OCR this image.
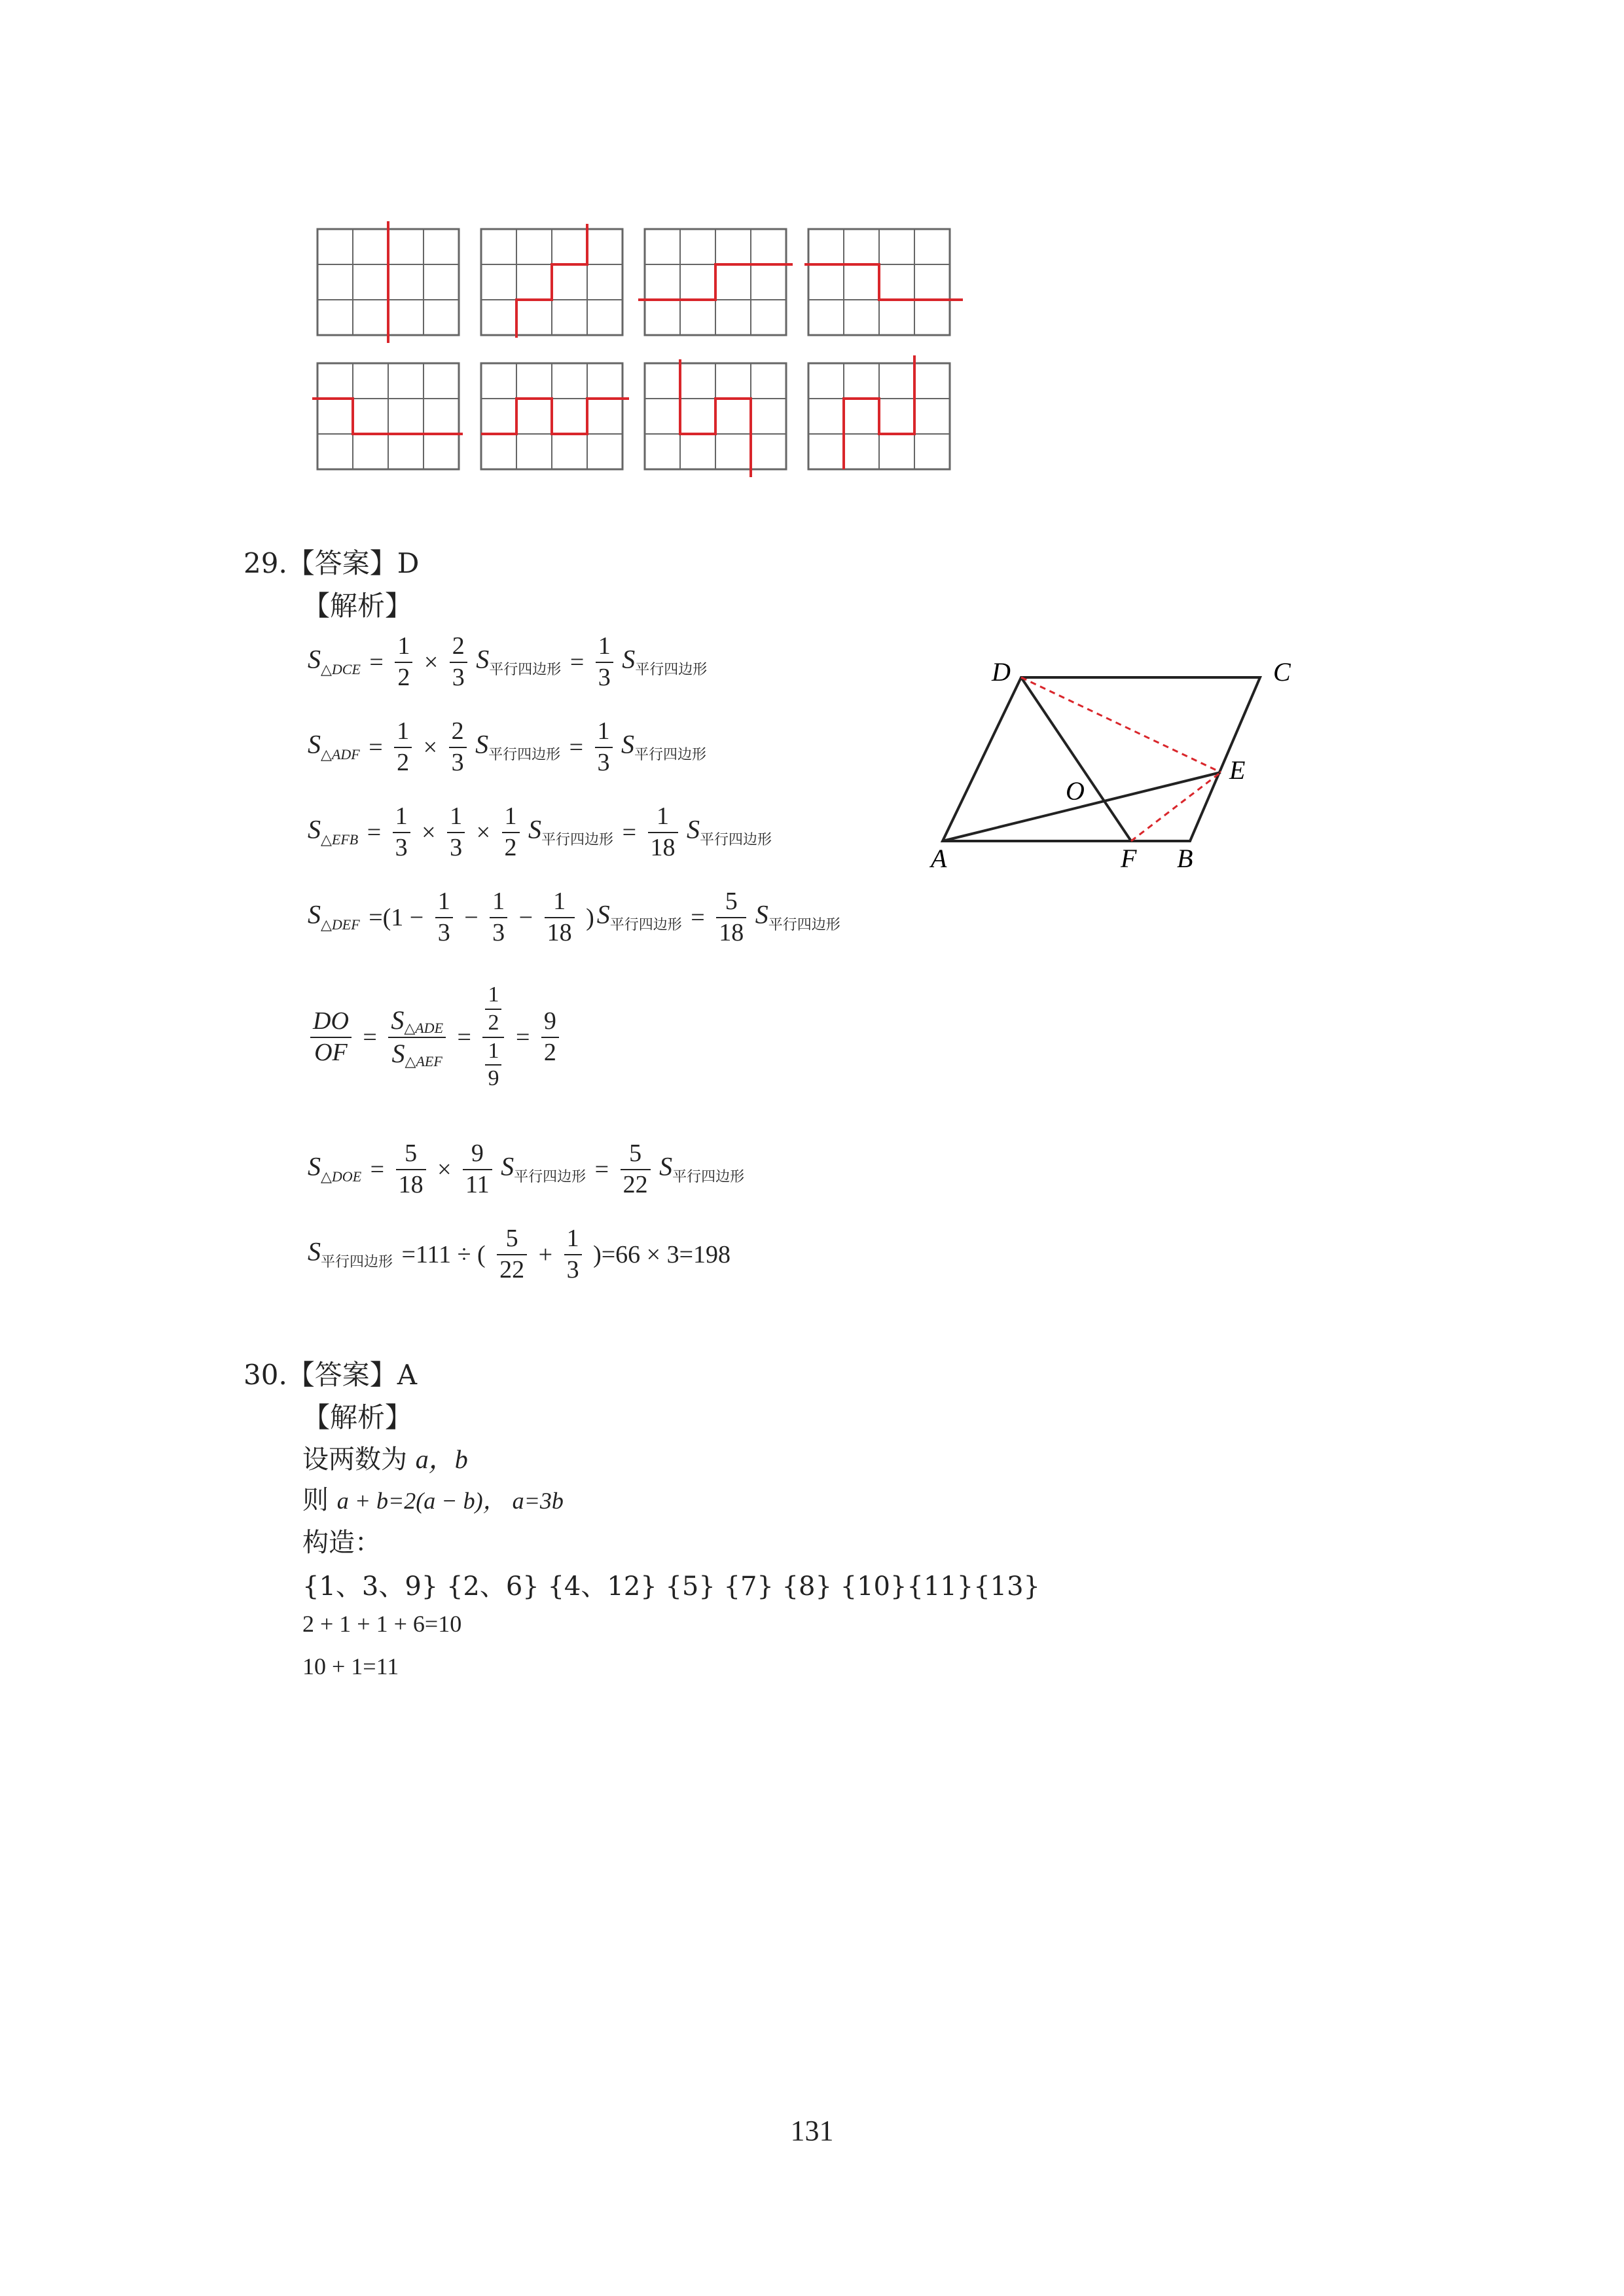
29.【答案】D
【解析】
$S_{\triangle DCE} = \frac{1}{2} \times \frac{2}{3} S_{平行四边形} = \frac{1}{3} S_{平行四边形}$
$S_{\triangle ADF} = \frac{1}{2} \times \frac{2}{3} S_{平行四边形} = \frac{1}{3} S_{平行四边形}$
$S_{\triangle EFB} = \frac{1}{3} \times \frac{1}{3} \times \frac{1}{2} S_{平行四边形} = \frac{1}{18} S_{平行四边形}$
$S_{\triangle DEF} =(1 - \frac{1}{3} - \frac{1}{3} - \frac{1}{18}$ ) $S_{平行四边形} = \frac{5}{18} S_{平行四边形}$
$\frac{DO}{OF} = \frac{\text{S△ADE}}{\text{S△AEF}} = \frac{\frac{1}{2}}{\frac{1}{9}} = \frac{9}{2}$
$S_{\triangle DOE} = \frac{5}{18} \times \frac{9}{11} S_{平行四边形} = \frac{5}{22} S_{平行四边形}$
$S_{平行四边形} =111$ ÷ ( $\frac{5}{22} + \frac{1}{3} )=66 \times 3=198$
D	C
E
O
A	F B
30.【答案】A
【解析】
设两数为 a，b
则 a + b=2(a − b)， a=3b
构造：
{1、3、9} {2、6} {4、12} {5} {7} {8} {10}{11}{13}
2 + 1 + 1 + 6=10
10 + 1=11
131
